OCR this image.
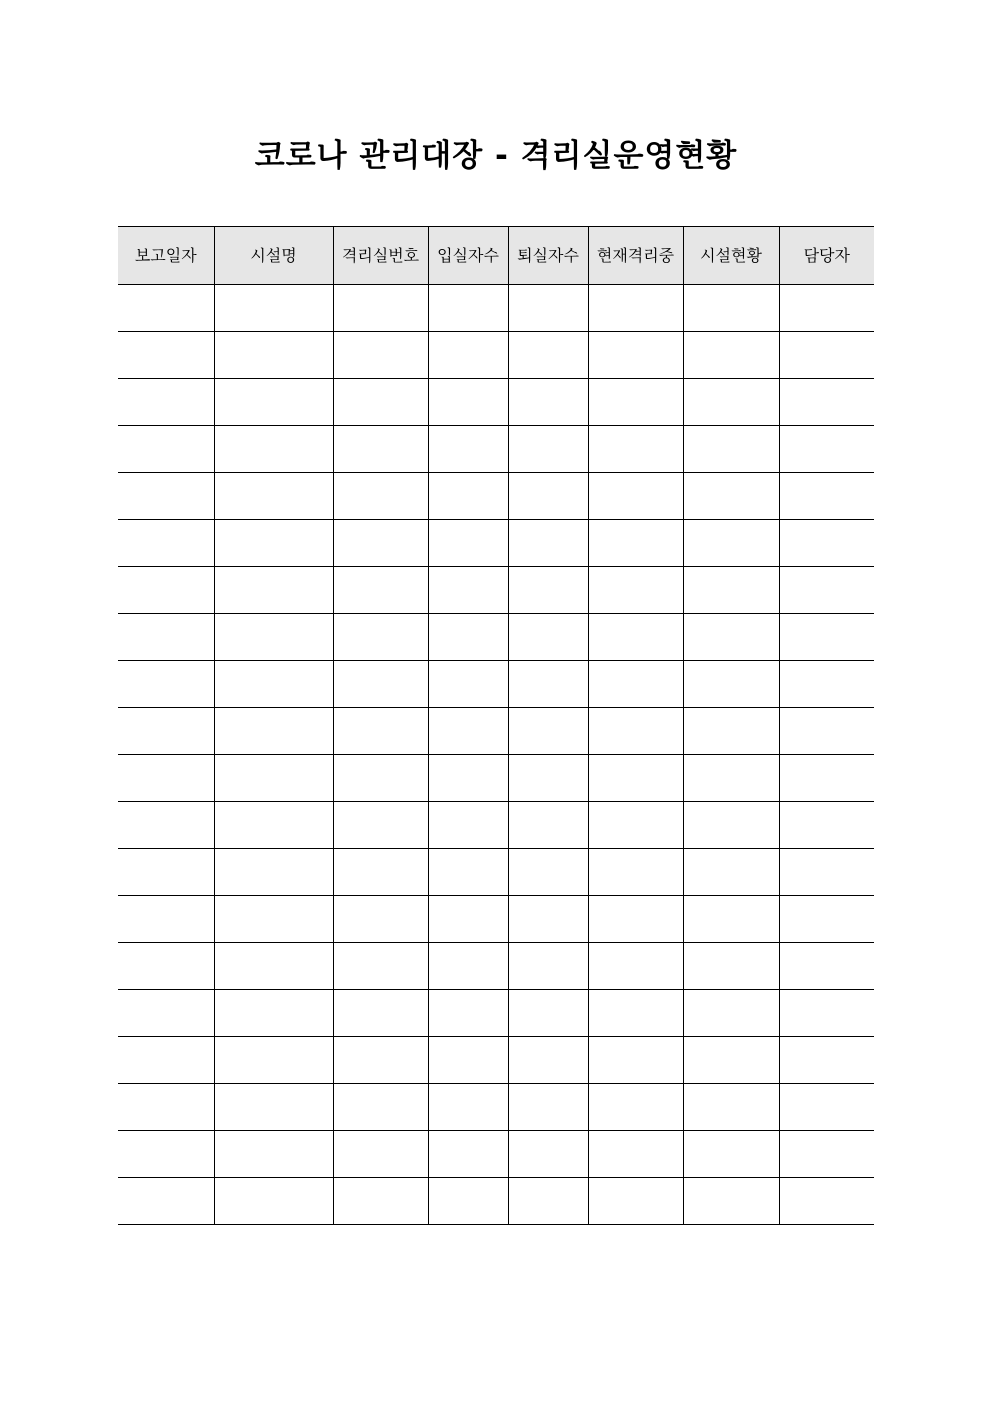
코로나 관리대장 - 격리실운영현황
보고일자	시설명	격리실번호	입실자수	퇴실자수	현재격리중	시설현황	담당자
